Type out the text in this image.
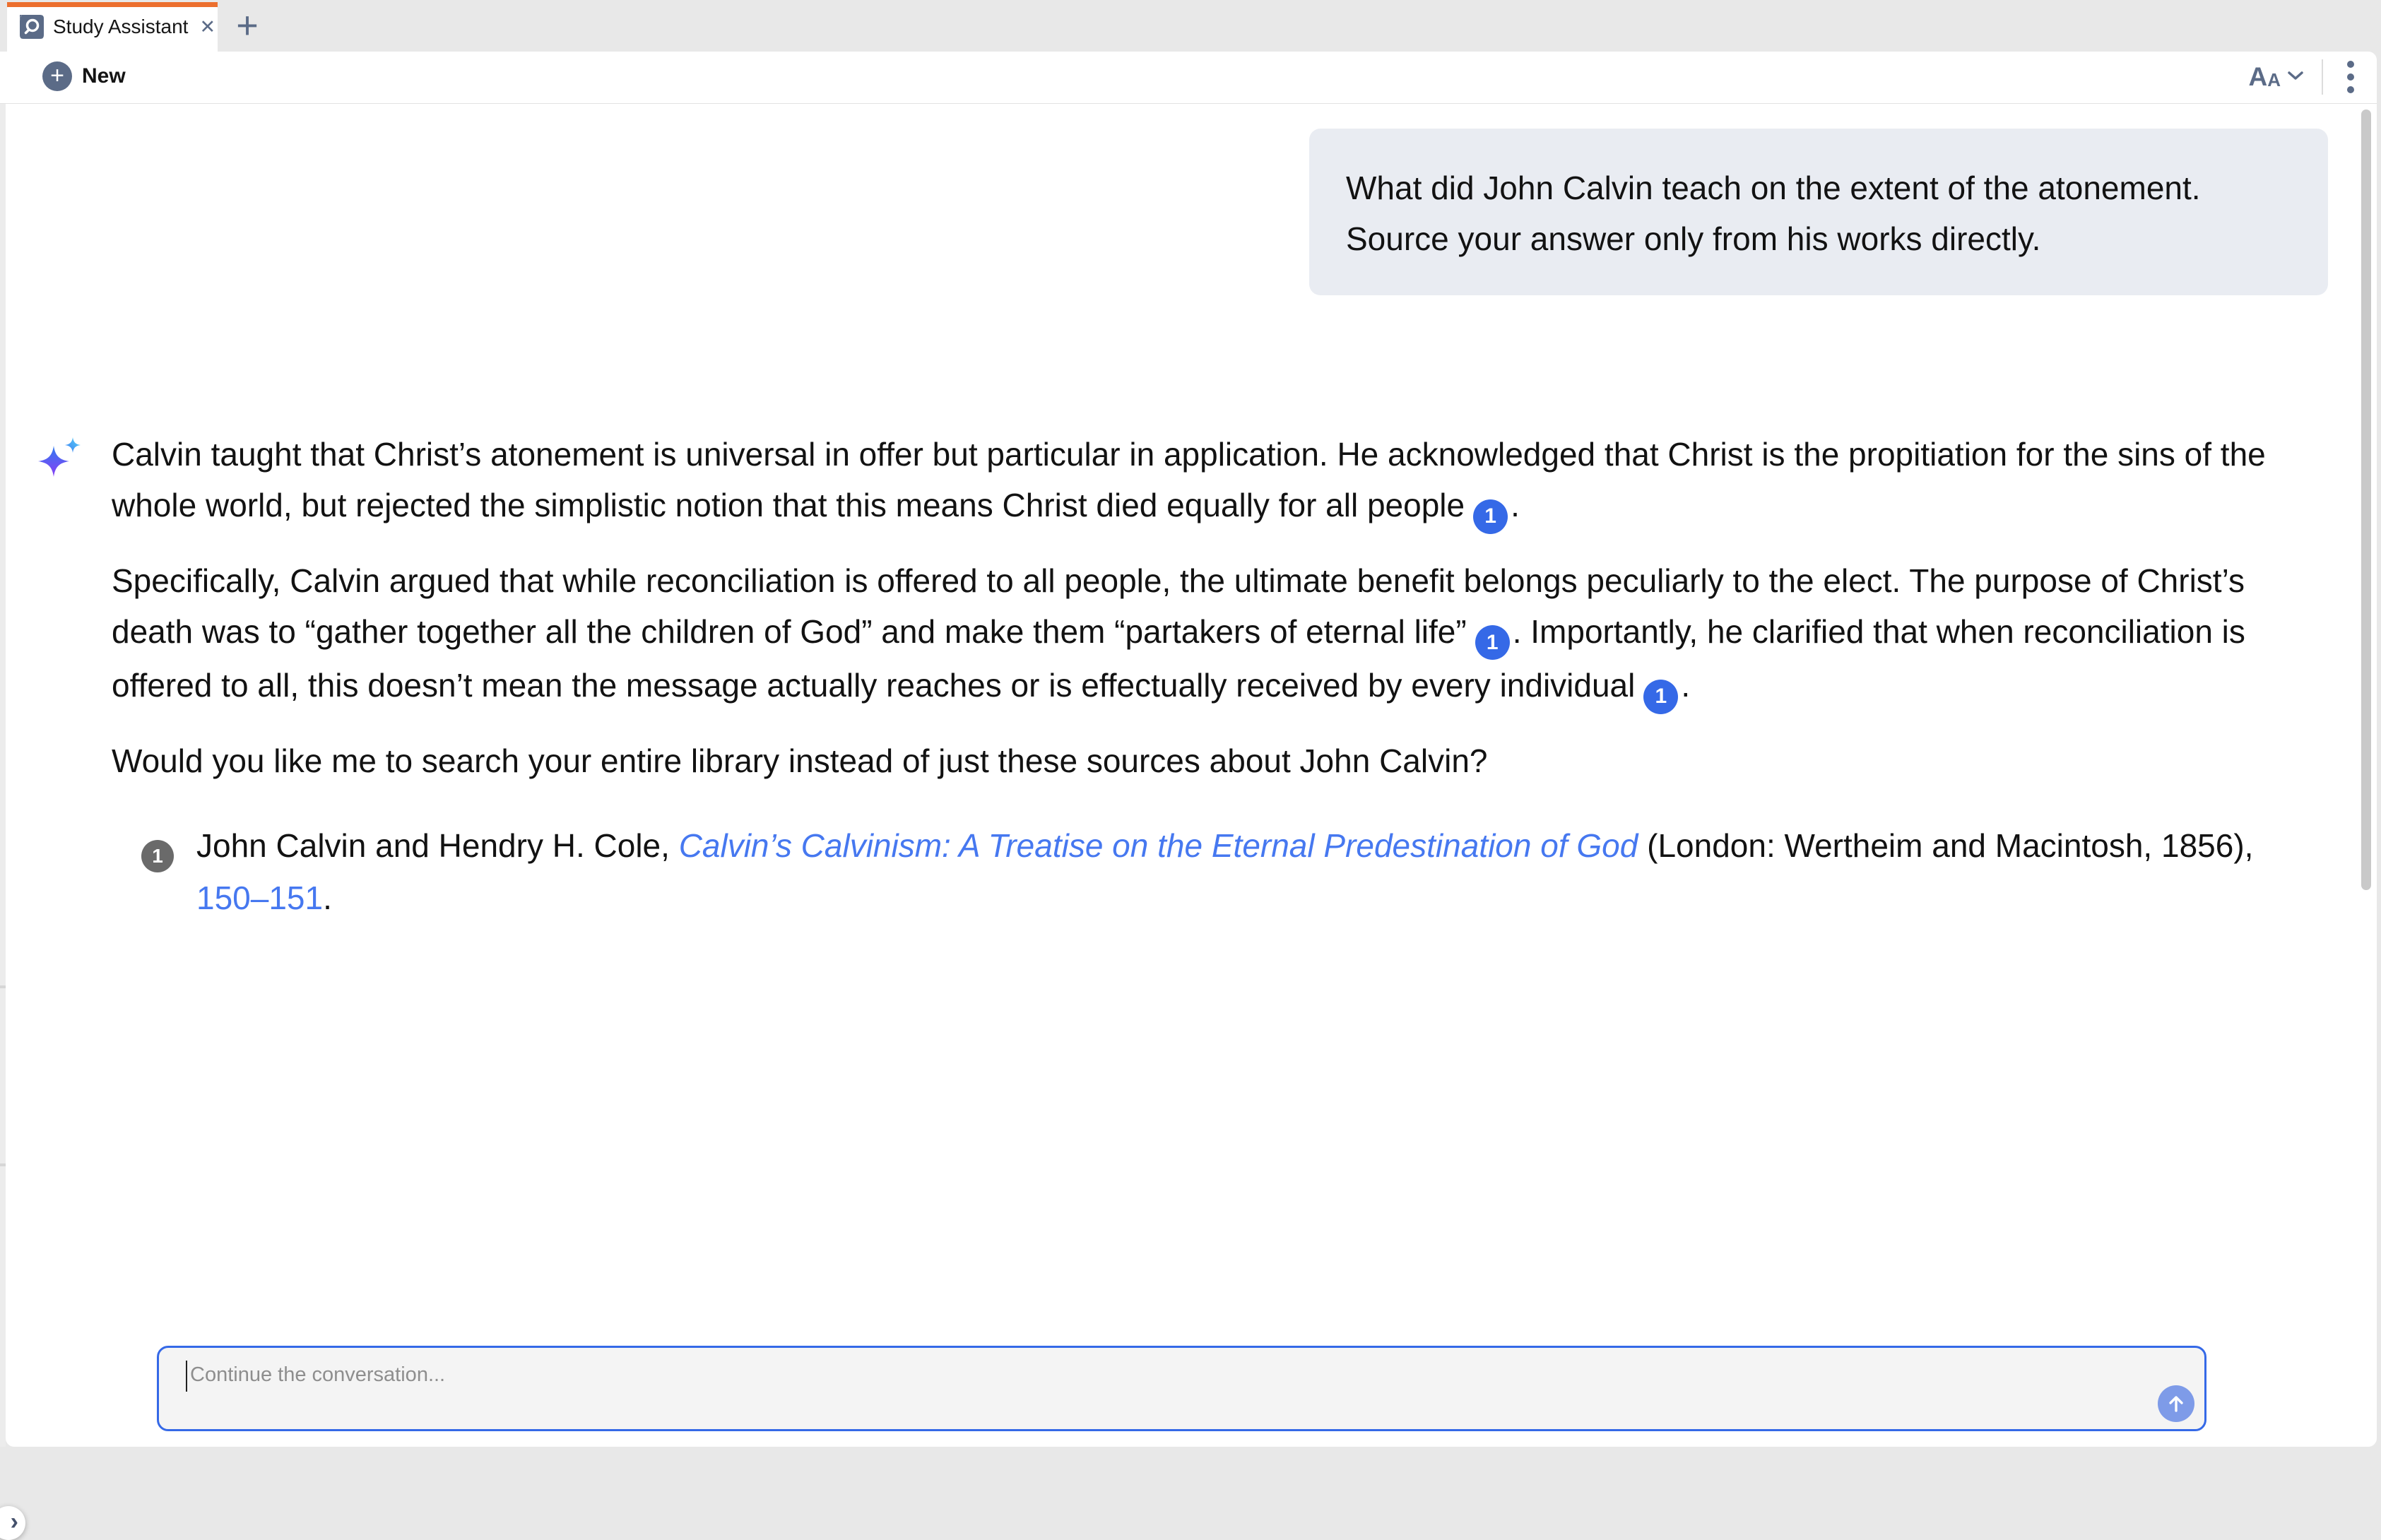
Study Assistant ✕ +
+ New	A A
What did John Calvin teach on the extent of the atonement. Source your answer only from his works directly.

Calvin taught that Christ’s atonement is universal in offer but particular in application. He acknowledged that Christ is the propitiation for the sins of the whole world, but rejected the simplistic notion that this means Christ died equally for all people 1 .

Specifically, Calvin argued that while reconciliation is offered to all people, the ultimate benefit belongs peculiarly to the elect. The purpose of Christ’s death was to “gather together all the children of God” and make them “partakers of eternal life” 1 . Importantly, he clarified that when reconciliation is offered to all, this doesn’t mean the message actually reaches or is effectually received by every individual 1 .

Would you like me to search your entire library instead of just these sources about John Calvin?

1 John Calvin and Hendry H. Cole, Calvin’s Calvinism: A Treatise on the Eternal Predestination of God (London: Wertheim and Macintosh, 1856), 150–151.
Continue the conversation...
›
